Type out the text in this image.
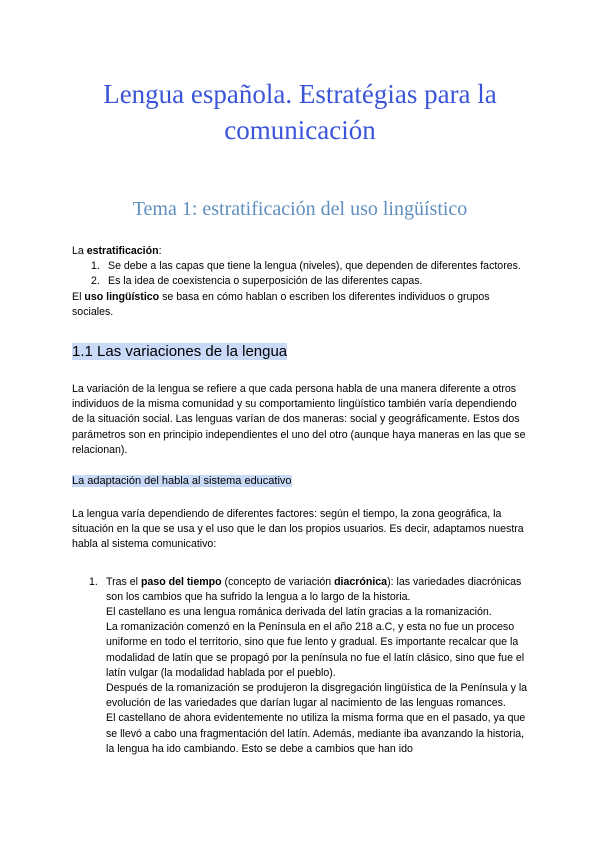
Lengua española. Estratégias para la comunicación
Tema 1: estratificación del uso lingüístico
La estratificación:
1. Se debe a las capas que tiene la lengua (niveles), que dependen de diferentes factores.
2. Es la idea de coexistencia o superposición de las diferentes capas.
El uso lingüístico se basa en cómo hablan o escriben los diferentes individuos o grupos sociales.
1.1 Las variaciones de la lengua

La variación de la lengua se refiere a que cada persona habla de una manera diferente a otros individuos de la misma comunidad y su comportamiento lingüístico también varía dependiendo de la situación social. Las lenguas varían de dos maneras: social y geográficamente. Estos dos parámetros son en principio independientes el uno del otro (aunque haya maneras en las que se relacionan).

La adaptación del habla al sistema educativo

La lengua varía dependiendo de diferentes factores: según el tiempo, la zona geográfica, la situación en la que se usa y el uso que le dan los propios usuarios. Es decir, adaptamos nuestra habla al sistema comunicativo:

1. Tras el paso del tiempo (concepto de variación diacrónica): las variedades diacrónicas son los cambios que ha sufrido la lengua a lo largo de la historia.
El castellano es una lengua románica derivada del latín gracias a la romanización.
La romanización comenzó en la Península en el año 218 a.C, y esta no fue un proceso uniforme en todo el territorio, sino que fue lento y gradual. Es importante recalcar que la modalidad de latín que se propagó por la península no fue el latín clásico, sino que fue el latín vulgar (la modalidad hablada por el pueblo).
Después de la romanización se produjeron la disgregación lingüística de la Península y la evolución de las variedades que darían lugar al nacimiento de las lenguas romances.
El castellano de ahora evidentemente no utiliza la misma forma que en el pasado, ya que se llevó a cabo una fragmentación del latín. Además, mediante iba avanzando la historia, la lengua ha ido cambiando. Esto se debe a cambios que han ido
